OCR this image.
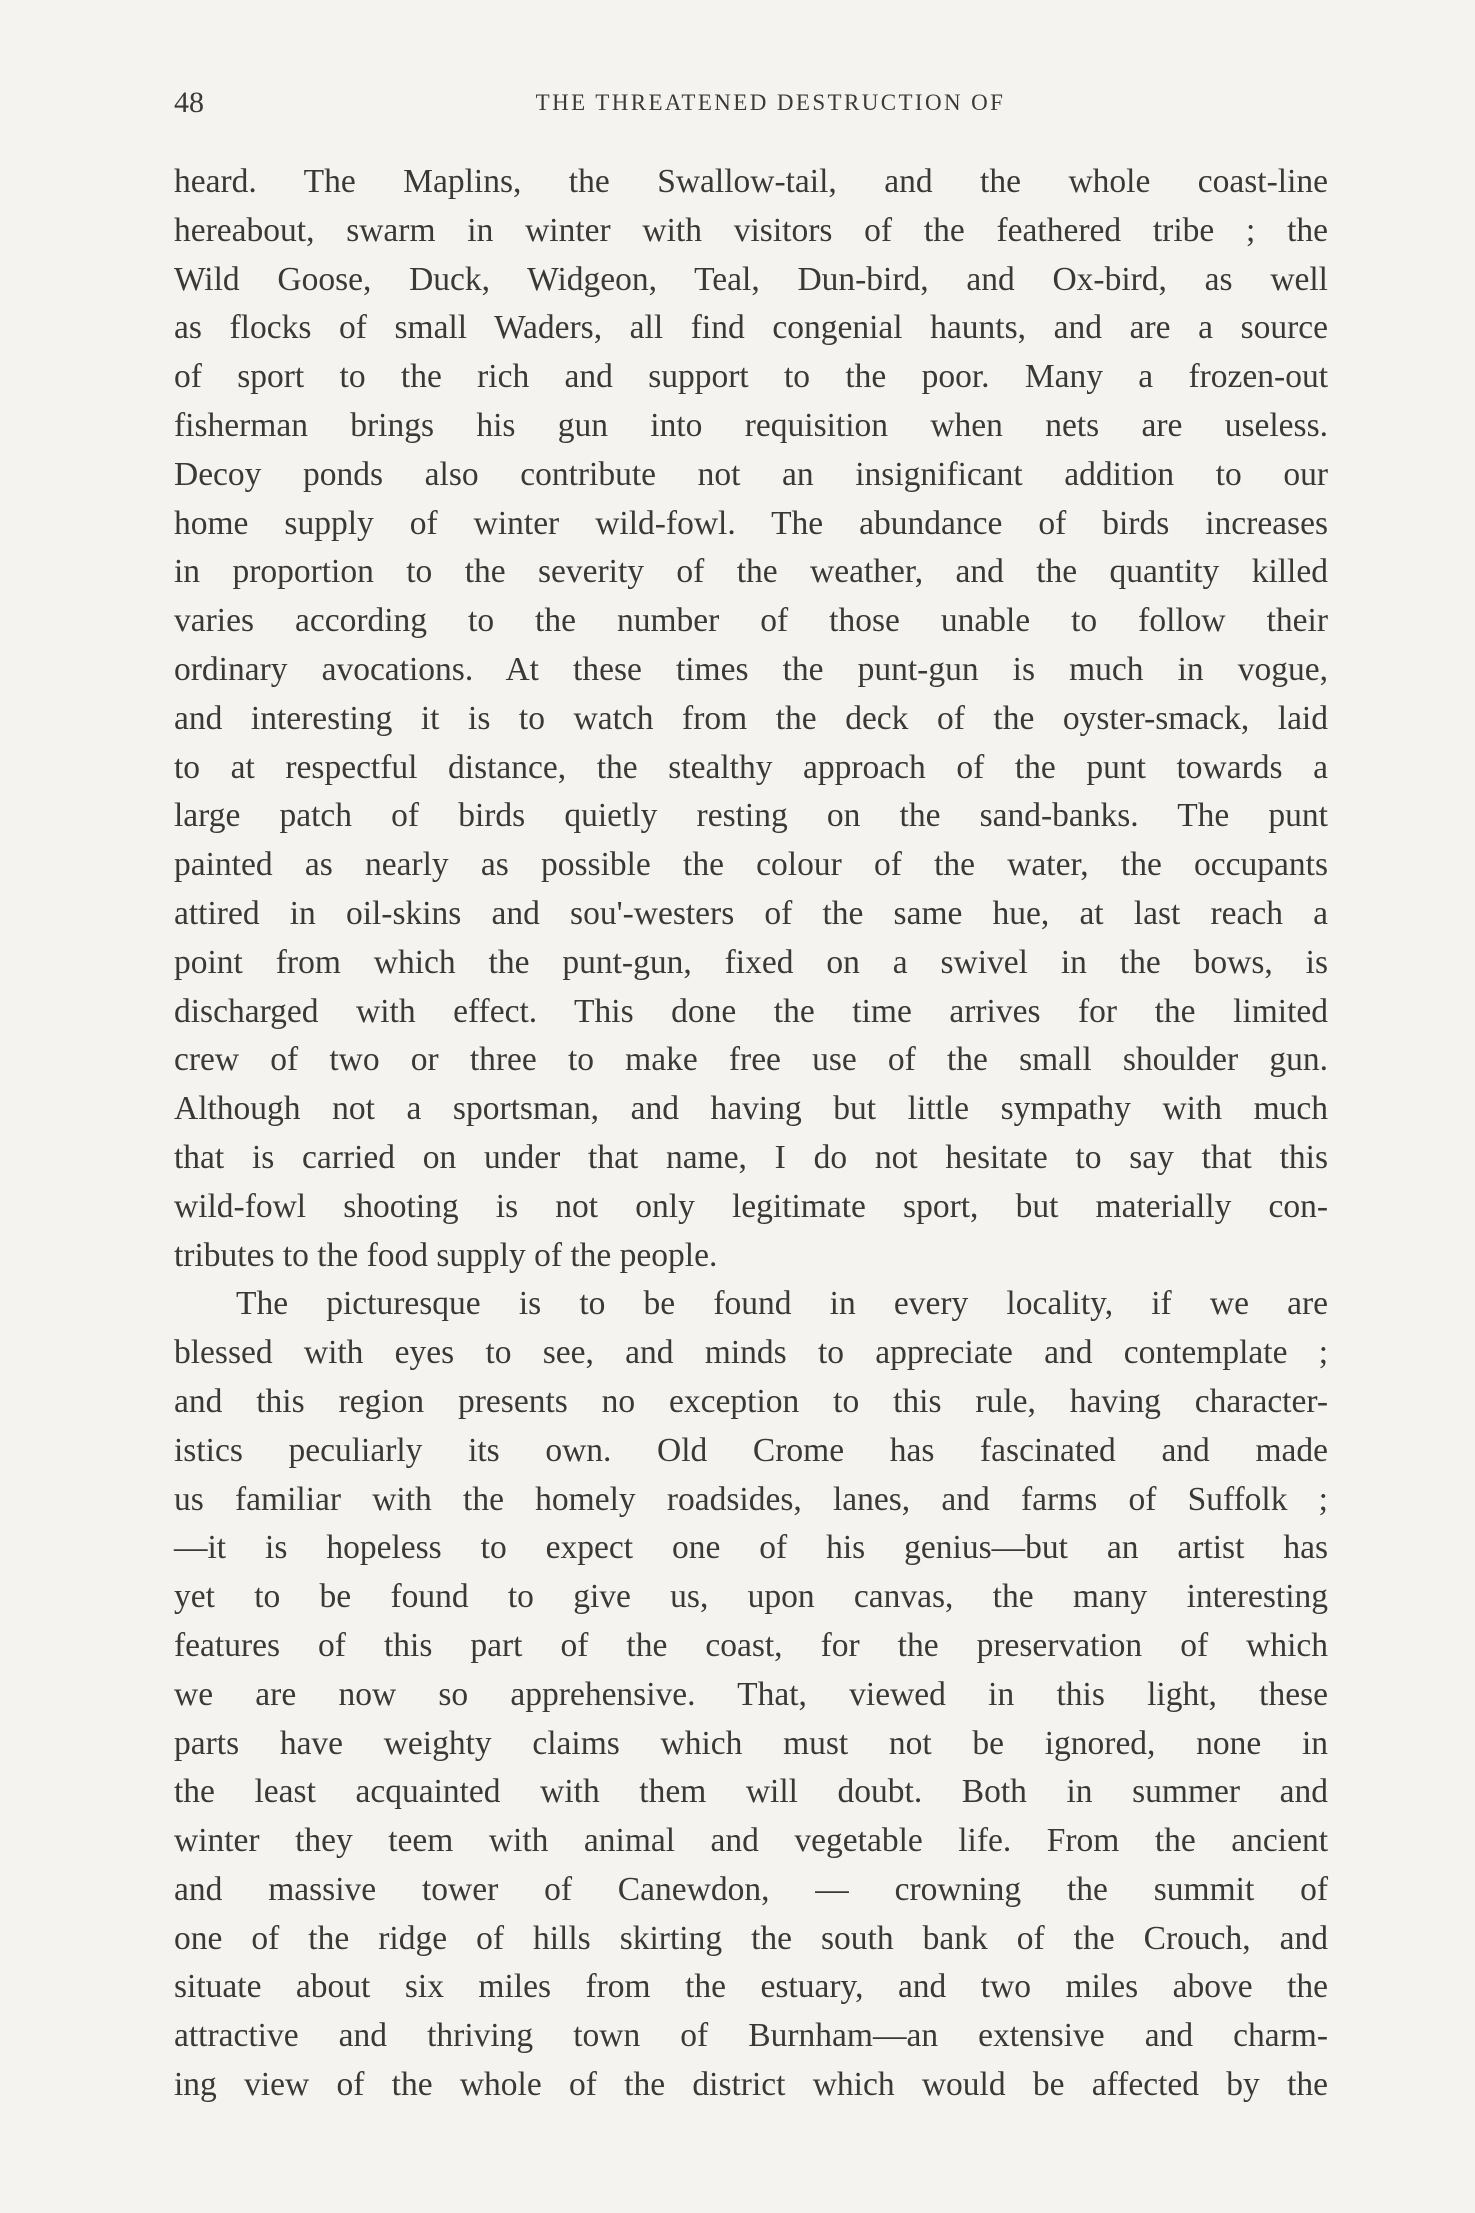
48	THE THREATENED DESTRUCTION OF
heard. The Maplins, the Swallow-tail, and the whole coast-line
hereabout, swarm in winter with visitors of the feathered tribe ; the
Wild Goose, Duck, Widgeon, Teal, Dun-bird, and Ox-bird, as well
as flocks of small Waders, all find congenial haunts, and are a source
of sport to the rich and support to the poor. Many a frozen-out
fisherman brings his gun into requisition when nets are useless.
Decoy ponds also contribute not an insignificant addition to our
home supply of winter wild-fowl. The abundance of birds increases
in proportion to the severity of the weather, and the quantity killed
varies according to the number of those unable to follow their
ordinary avocations. At these times the punt-gun is much in vogue,
and interesting it is to watch from the deck of the oyster-smack, laid
to at respectful distance, the stealthy approach of the punt towards a
large patch of birds quietly resting on the sand-banks. The punt
painted as nearly as possible the colour of the water, the occupants
attired in oil-skins and sou'-westers of the same hue, at last reach a
point from which the punt-gun, fixed on a swivel in the bows, is
discharged with effect. This done the time arrives for the limited
crew of two or three to make free use of the small shoulder gun.
Although not a sportsman, and having but little sympathy with much
that is carried on under that name, I do not hesitate to say that this
wild-fowl shooting is not only legitimate sport, but materially con-
tributes to the food supply of the people.
The picturesque is to be found in every locality, if we are
blessed with eyes to see, and minds to appreciate and contemplate ;
and this region presents no exception to this rule, having character-
istics peculiarly its own. Old Crome has fascinated and made
us familiar with the homely roadsides, lanes, and farms of Suffolk ;
—it is hopeless to expect one of his genius—but an artist has
yet to be found to give us, upon canvas, the many interesting
features of this part of the coast, for the preservation of which
we are now so apprehensive. That, viewed in this light, these
parts have weighty claims which must not be ignored, none in
the least acquainted with them will doubt. Both in summer and
winter they teem with animal and vegetable life. From the ancient
and massive tower of Canewdon, — crowning the summit of
one of the ridge of hills skirting the south bank of the Crouch, and
situate about six miles from the estuary, and two miles above the
attractive and thriving town of Burnham—an extensive and charm-
ing view of the whole of the district which would be affected by the
